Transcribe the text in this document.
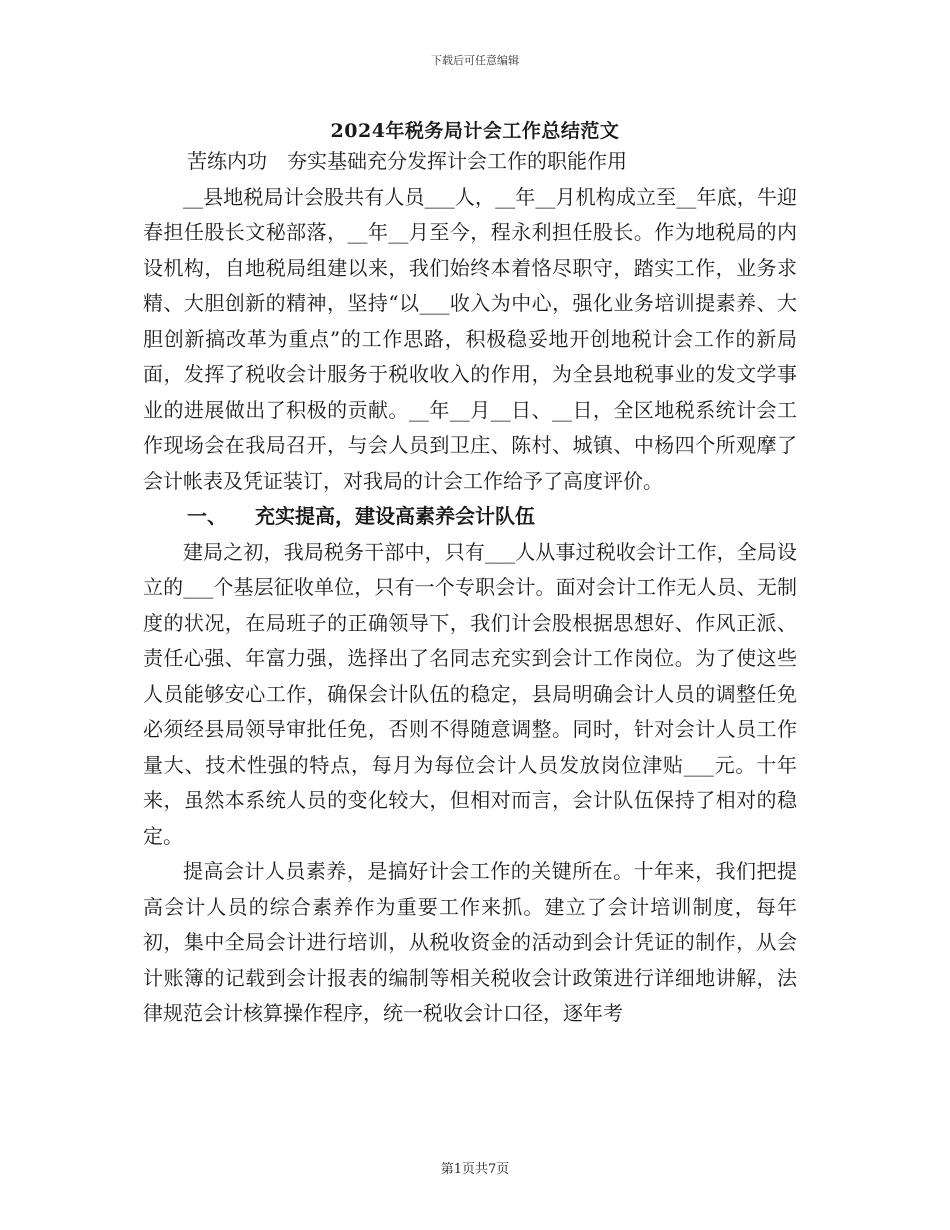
下载后可任意编辑
2024年税务局计会工作总结范文

苦练内功　夯实基础充分发挥计会工作的职能作用

__县地税局计会股共有人员___人，__年__月机构成立至__年底，牛迎春担任股长文秘部落，__年__月至今，程永利担任股长。作为地税局的内设机构，自地税局组建以来，我们始终本着恪尽职守，踏实工作，业务求精、大胆创新的精神，坚持“以___收入为中心，强化业务培训提素养、大胆创新搞改革为重点”的工作思路，积极稳妥地开创地税计会工作的新局面，发挥了税收会计服务于税收收入的作用，为全县地税事业的发文学事业的进展做出了积极的贡献。__年__月__日、__日，全区地税系统计会工作现场会在我局召开，与会人员到卫庄、陈村、城镇、中杨四个所观摩了会计帐表及凭证装订，对我局的计会工作给予了高度评价。

一、 充实提高，建设高素养会计队伍

建局之初，我局税务干部中，只有___人从事过税收会计工作，全局设立的___个基层征收单位，只有一个专职会计。面对会计工作无人员、无制度的状况，在局班子的正确领导下，我们计会股根据思想好、作风正派、责任心强、年富力强，选择出了名同志充实到会计工作岗位。为了使这些人员能够安心工作，确保会计队伍的稳定，县局明确会计人员的调整任免必须经县局领导审批任免，否则不得随意调整。同时，针对会计人员工作量大、技术性强的特点，每月为每位会计人员发放岗位津贴___元。十年来，虽然本系统人员的变化较大，但相对而言，会计队伍保持了相对的稳定。

提高会计人员素养，是搞好计会工作的关键所在。十年来，我们把提高会计人员的综合素养作为重要工作来抓。建立了会计培训制度，每年初，集中全局会计进行培训，从税收资金的活动到会计凭证的制作，从会计账簿的记载到会计报表的编制等相关税收会计政策进行详细地讲解，法律规范会计核算操作程序，统一税收会计口径，逐年考

第1页共7页
